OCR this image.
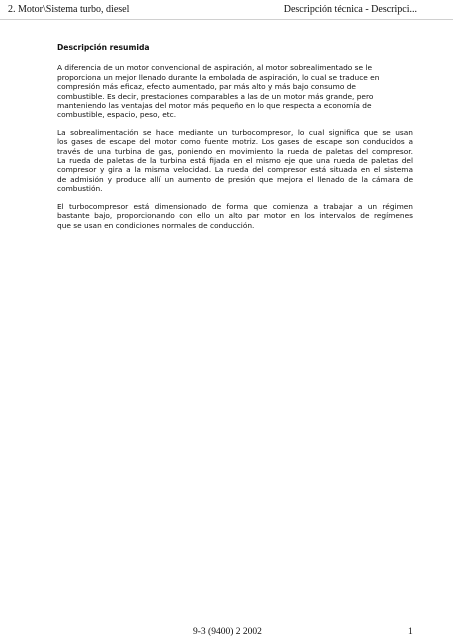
2. Motor\Sistema turbo, diesel	Descripción técnica - Descripci...
Descripción resumida
A diferencia de un motor convencional de aspiración, al motor sobrealimentado se le
proporciona un mejor llenado durante la embolada de aspiración, lo cual se traduce en
compresión más eficaz, efecto aumentado, par más alto y más bajo consumo de
combustible. Es decir, prestaciones comparables a las de un motor más grande, pero
manteniendo las ventajas del motor más pequeño en lo que respecta a economía de
combustible, espacio, peso, etc.
La sobrealimentación se hace mediante un turbocompresor, lo cual significa que se usan
los gases de escape del motor como fuente motriz. Los gases de escape son conducidos a
través de una turbina de gas, poniendo en movimiento la rueda de paletas del compresor.
La rueda de paletas de la turbina está fijada en el mismo eje que una rueda de paletas del
compresor y gira a la misma velocidad. La rueda del compresor está situada en el sistema
de admisión y produce allí un aumento de presión que mejora el llenado de la cámara de
combustión.
El turbocompresor está dimensionado de forma que comienza a trabajar a un régimen
bastante bajo, proporcionando con ello un alto par motor en los intervalos de regímenes
que se usan en condiciones normales de conducción.
9-3 (9400) 2 2002	1
